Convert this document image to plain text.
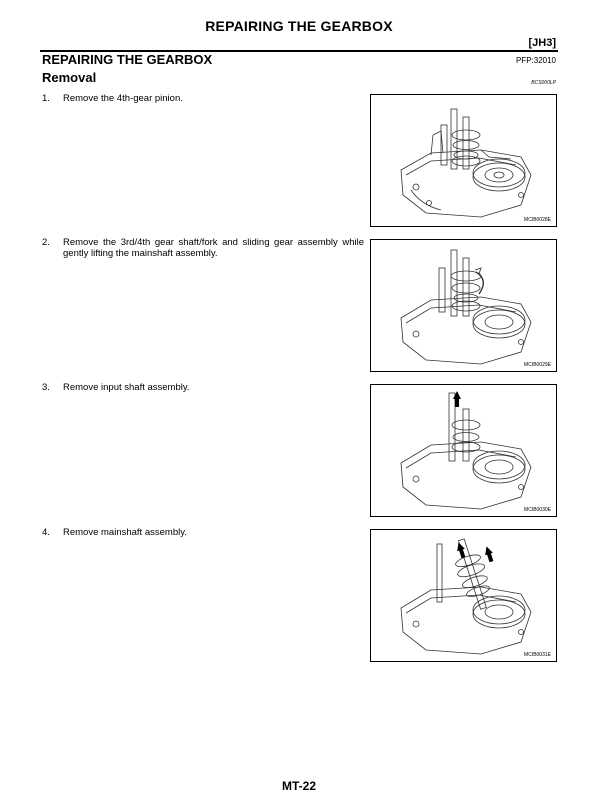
REPAIRING THE GEARBOX
[JH3]
REPAIRING THE GEARBOX	PFP:32010
Removal	BCS000LP
1. Remove the 4th-gear pinion.
MCIB0028E
2. Remove the 3rd/4th gear shaft/fork and sliding gear assembly while gently lifting the mainshaft assembly.
MCIB0029E
3. Remove input shaft assembly.
MCIB0030E
4. Remove mainshaft assembly.
MCIB0031E
MT-22
